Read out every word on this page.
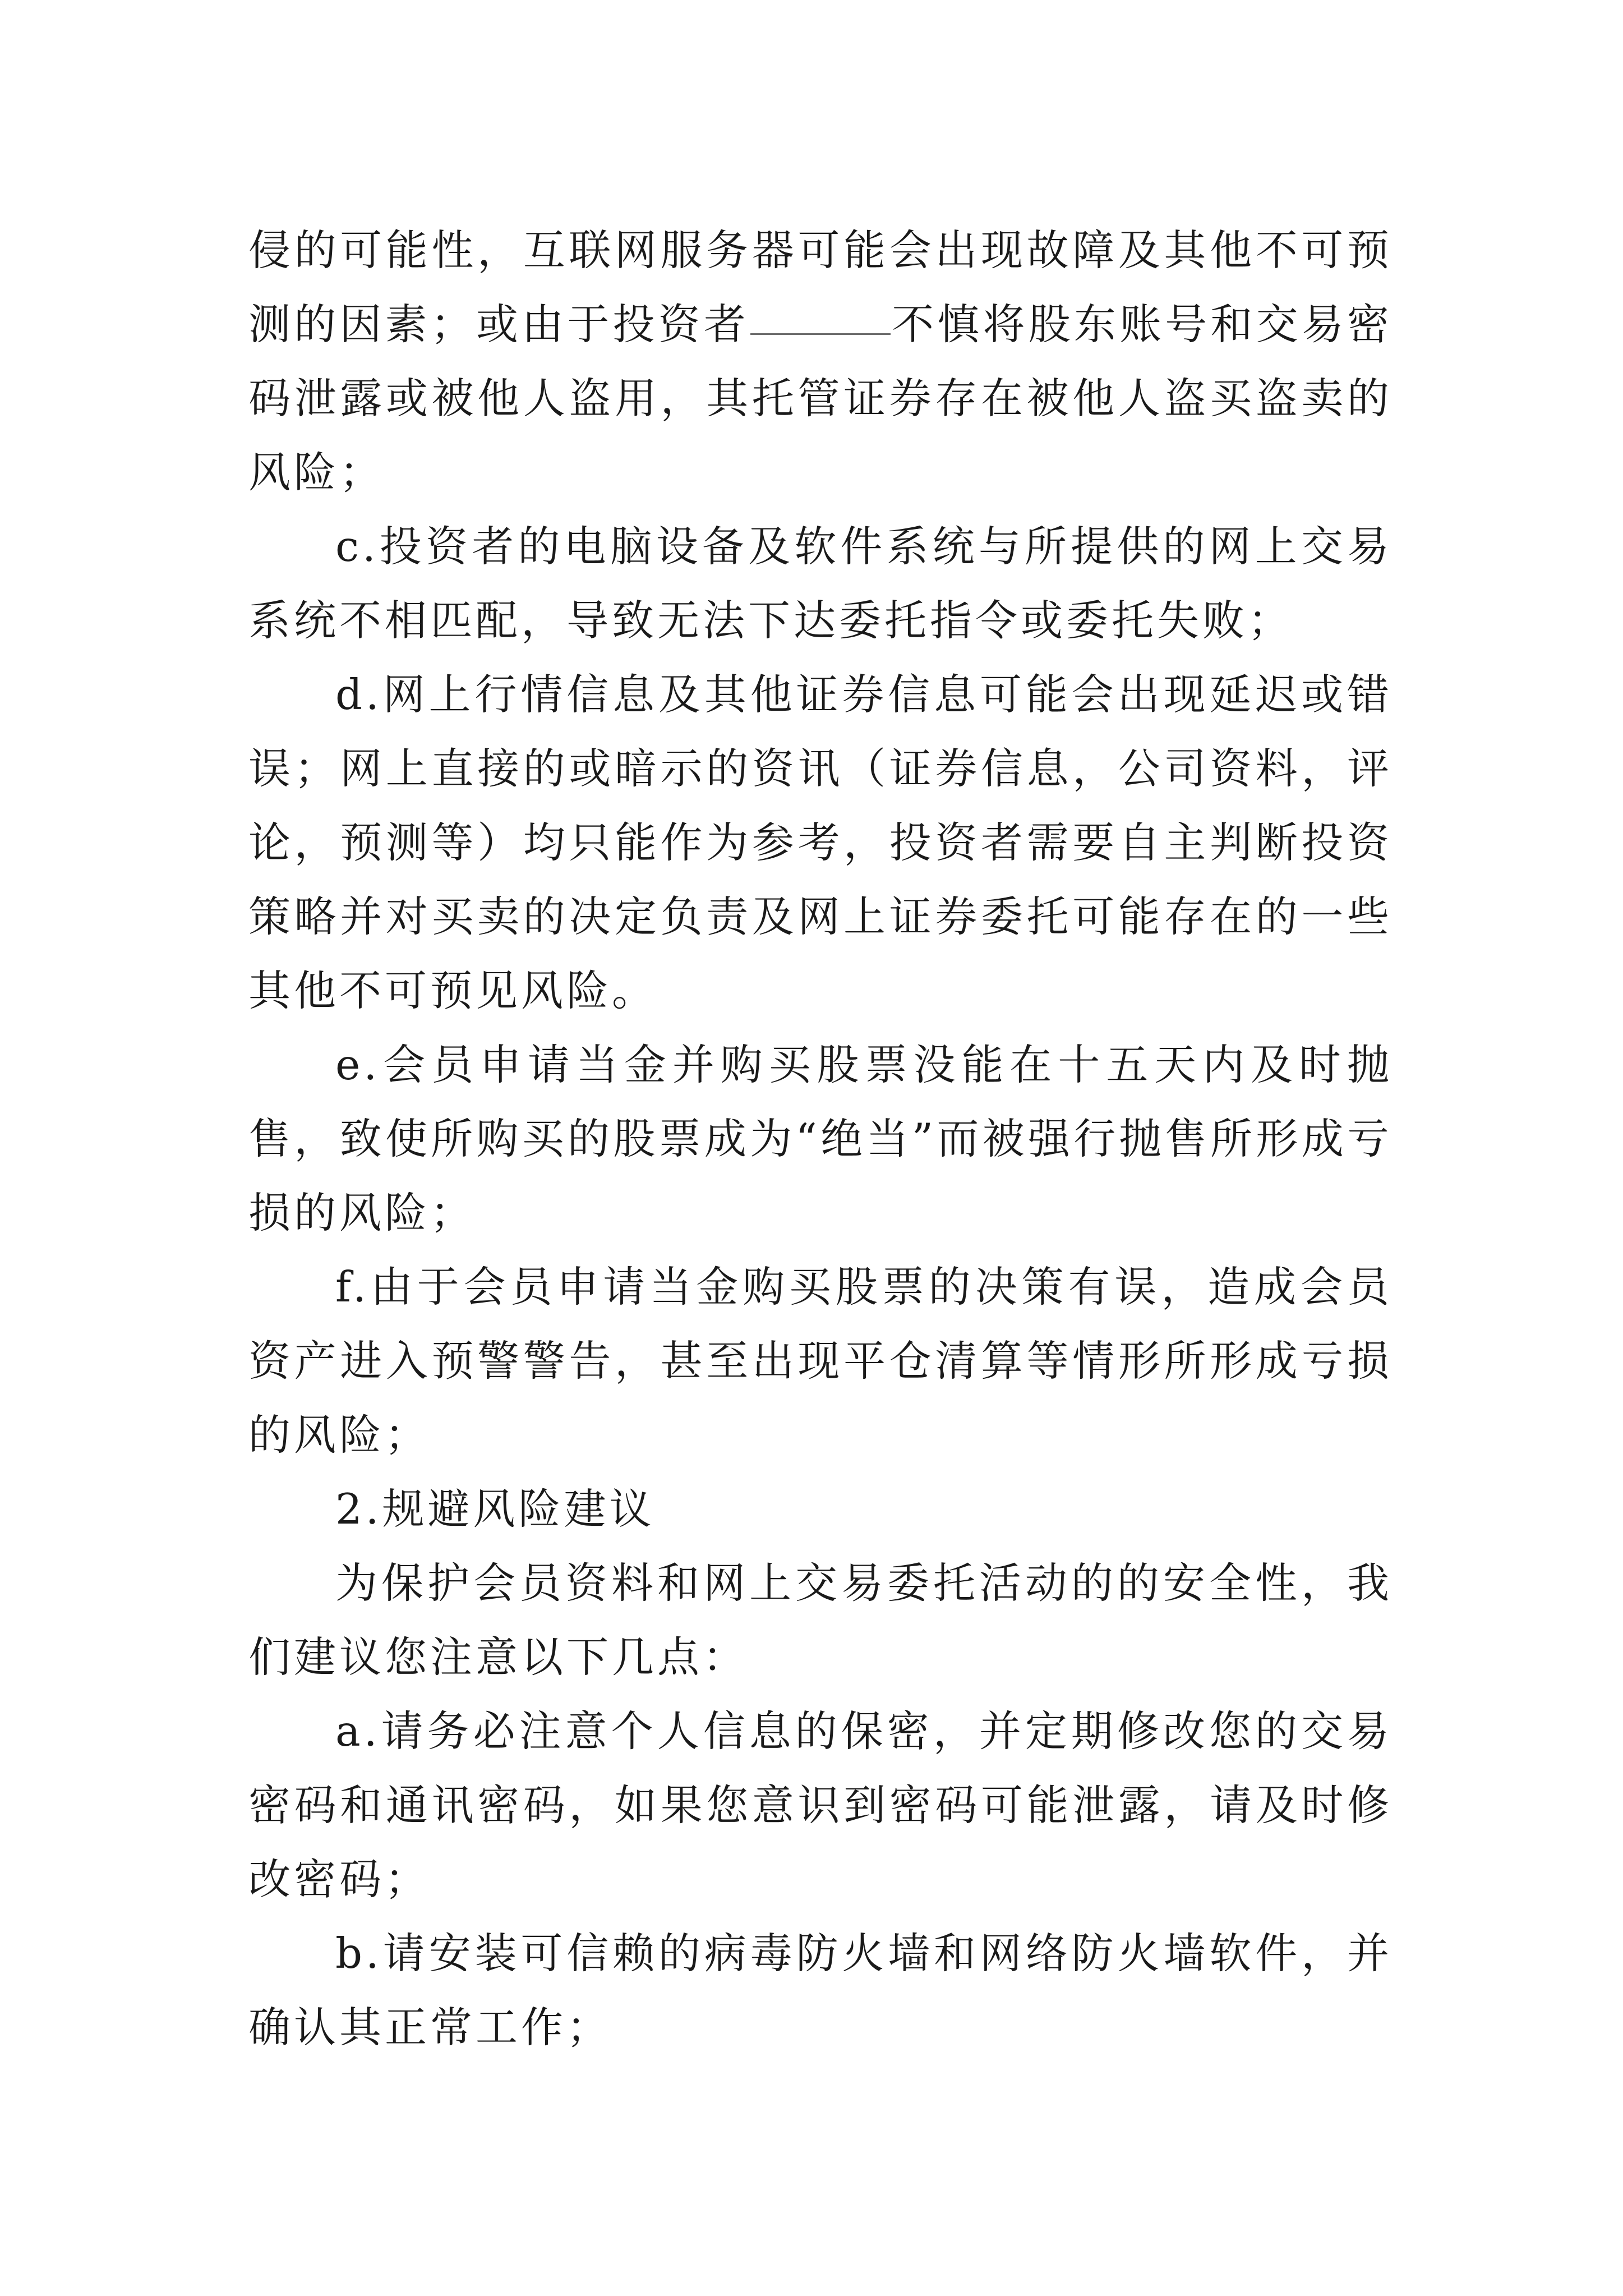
侵的可能性，互联网服务器可能会出现故障及其他不可预测的因素；或由于投资者	不慎将股东账号和交易密码泄露或被他人盗用，其托管证券存在被他人盗买盗卖的风险；

c.投资者的电脑设备及软件系统与所提供的网上交易系统不相匹配，导致无法下达委托指令或委托失败；

d.网上行情信息及其他证券信息可能会出现延迟或错误；网上直接的或暗示的资讯（证券信息，公司资料，评论，预测等）均只能作为参考，投资者需要自主判断投资策略并对买卖的决定负责及网上证券委托可能存在的一些其他不可预见风险。

e.会员申请当金并购买股票没能在十五天内及时抛售，致使所购买的股票成为“绝当”而被强行抛售所形成亏损的风险；

f.由于会员申请当金购买股票的决策有误，造成会员资产进入预警警告，甚至出现平仓清算等情形所形成亏损的风险；

2.规避风险建议

为保护会员资料和网上交易委托活动的的安全性，我们建议您注意以下几点：

a.请务必注意个人信息的保密，并定期修改您的交易密码和通讯密码，如果您意识到密码可能泄露，请及时修改密码；

b.请安装可信赖的病毒防火墙和网络防火墙软件，并确认其正常工作；
